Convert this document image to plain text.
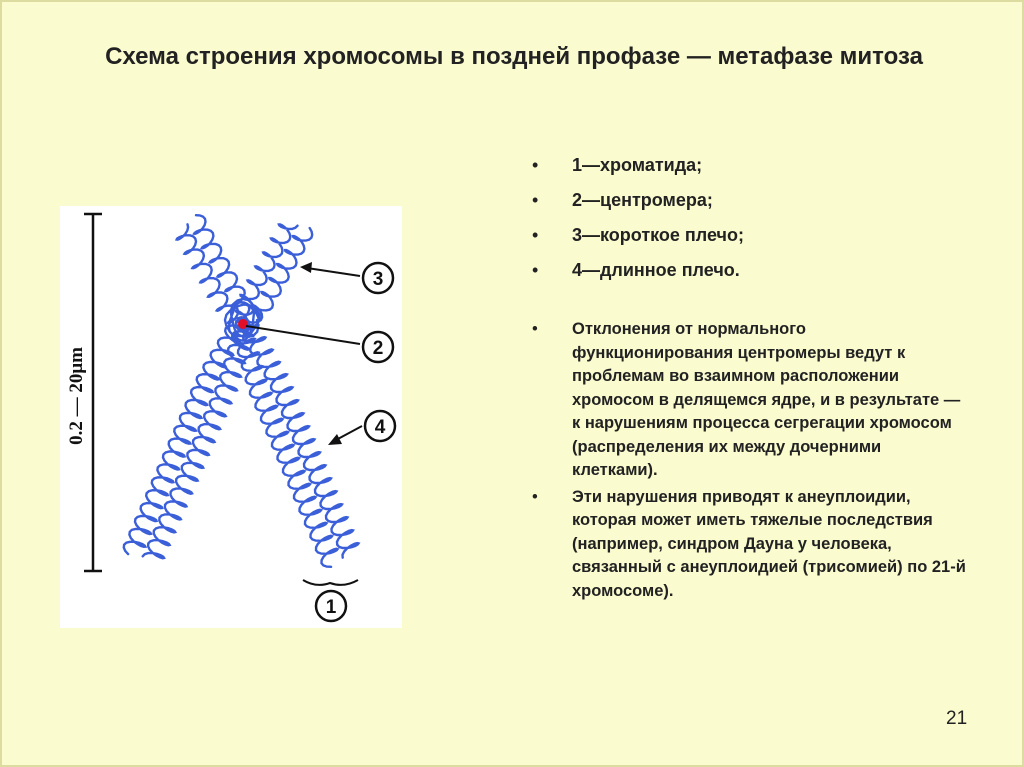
Схема строения хромосомы в поздней профазе — метафазе митоза
0.2 — 20μm
3
2
4
1
• 1—хроматида;
• 2—центромера;
• 3—короткое плечо;
• 4—длинное плечо.
• Отклонения от нормального функционирования центромеры ведут к проблемам во взаимном расположении хромосом в делящемся ядре, и в результате — к нарушениям процесса сегрегации хромосом (распределения их между дочерними клетками).
• Эти нарушения приводят к анеуплоидии, которая может иметь тяжелые последствия (например, синдром Дауна у человека, связанный с анеуплоидией (трисомией) по 21-й хромосоме).
21
